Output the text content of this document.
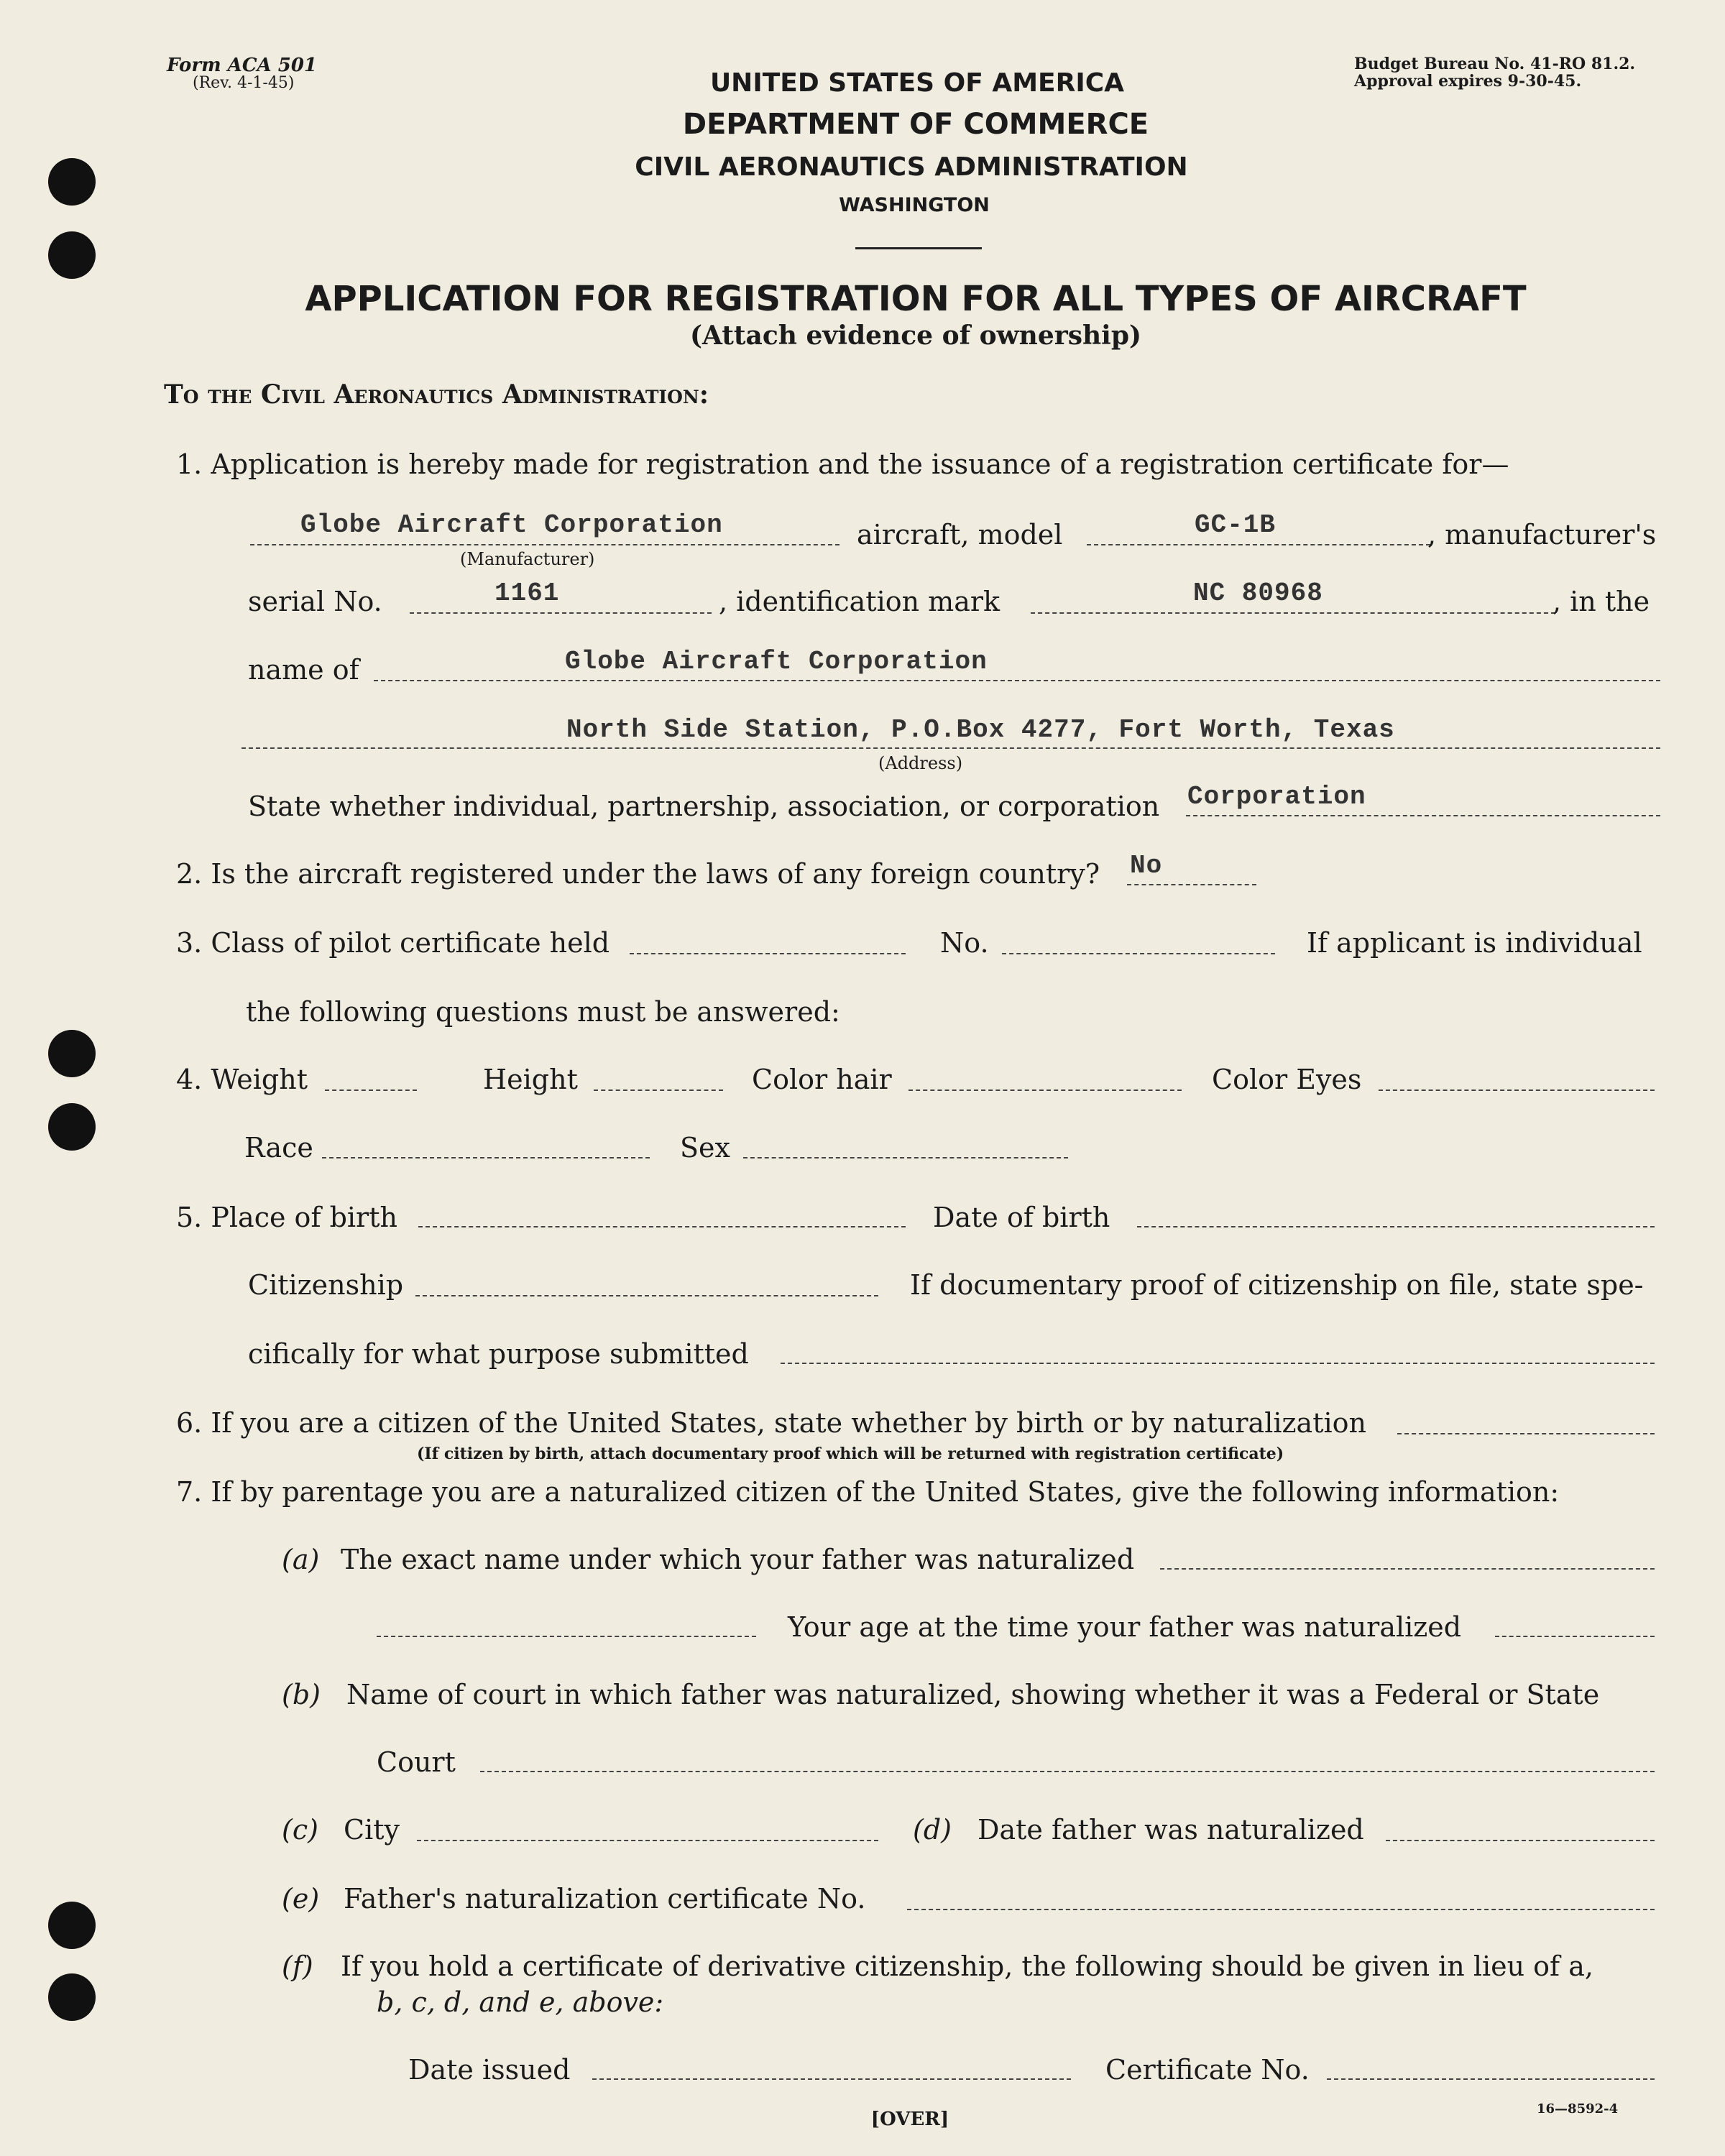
Form ACA 501
(Rev. 4-1-45)
Budget Bureau No. 41-RO 81.2.
Approval expires 9-30-45.
UNITED STATES OF AMERICA
DEPARTMENT OF COMMERCE
CIVIL AERONAUTICS ADMINISTRATION
WASHINGTON
APPLICATION FOR REGISTRATION FOR ALL TYPES OF AIRCRAFT
(Attach evidence of ownership)
To the Civil Aeronautics Administration:
1. Application is hereby made for registration and the issuance of a registration certificate for—
Globe Aircraft Corporation
(Manufacturer)
aircraft, model	GC-1B	, manufacturer's
serial No.	1161	, identification mark	NC 80968	, in the
name of	Globe Aircraft Corporation
North Side Station, P.O.Box 4277, Fort Worth, Texas
(Address)
State whether individual, partnership, association, or corporation Corporation
2. Is the aircraft registered under the laws of any foreign country? No
3. Class of pilot certificate held	No.	If applicant is individual
the following questions must be answered:
4. Weight	Height	Color hair	Color Eyes
Race	Sex
5. Place of birth	Date of birth
Citizenship	If documentary proof of citizenship on file, state spe-
cifically for what purpose submitted
6. If you are a citizen of the United States, state whether by birth or by naturalization
(If citizen by birth, attach documentary proof which will be returned with registration certificate)
7. If by parentage you are a naturalized citizen of the United States, give the following information:
(a) The exact name under which your father was naturalized
Your age at the time your father was naturalized
(b) Name of court in which father was naturalized, showing whether it was a Federal or State
Court
(c) City	(d) Date father was naturalized
(e) Father's naturalization certificate No.
(f) If you hold a certificate of derivative citizenship, the following should be given in lieu of a,
b, c, d, and e, above:
Date issued	Certificate No.
[OVER]	16—8592-4
